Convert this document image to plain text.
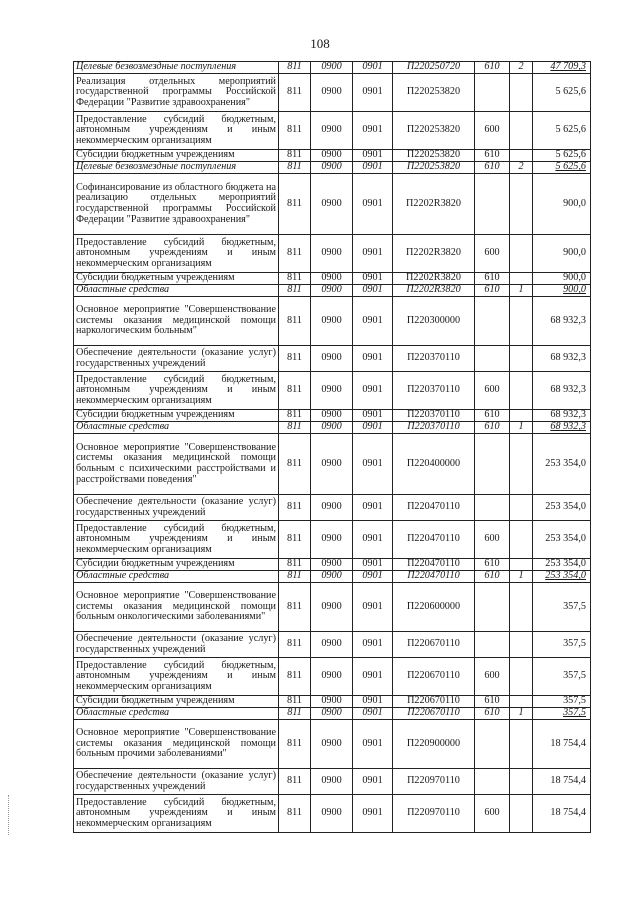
108
Целевые безвозмездные поступления	811	0900	0901	П220250720	610	2	47 709,3
Реализация отдельных мероприятий государственной программы Российской Федерации "Развитие здравоохранения"	811	0900	0901	П220253820			5 625,6
Предоставление субсидий бюджетным, автономным учреждениям и иным некоммерческим организациям	811	0900	0901	П220253820	600		5 625,6
Субсидии бюджетным учреждениям	811	0900	0901	П220253820	610		5 625,6
Целевые безвозмездные поступления	811	0900	0901	П220253820	610	2	5 625,6
Софинансирование из областного бюджета на реализацию отдельных мероприятий государственной программы Российской Федерации "Развитие здравоохранения"	811	0900	0901	П2202R3820			900,0
Предоставление субсидий бюджетным, автономным учреждениям и иным некоммерческим организациям	811	0900	0901	П2202R3820	600		900,0
Субсидии бюджетным учреждениям	811	0900	0901	П2202R3820	610		900,0
Областные средства	811	0900	0901	П2202R3820	610	1	900,0
Основное мероприятие "Совершенствование системы оказания медицинской помощи наркологическим больным"	811	0900	0901	П220300000			68 932,3
Обеспечение деятельности (оказание услуг) государственных учреждений	811	0900	0901	П220370110			68 932,3
Предоставление субсидий бюджетным, автономным учреждениям и иным некоммерческим организациям	811	0900	0901	П220370110	600		68 932,3
Субсидии бюджетным учреждениям	811	0900	0901	П220370110	610		68 932,3
Областные средства	811	0900	0901	П220370110	610	1	68 932,3
Основное мероприятие "Совершенствование системы оказания медицинской помощи больным с психическими расстройствами и расстройствами поведения"	811	0900	0901	П220400000			253 354,0
Обеспечение деятельности (оказание услуг) государственных учреждений	811	0900	0901	П220470110			253 354,0
Предоставление субсидий бюджетным, автономным учреждениям и иным некоммерческим организациям	811	0900	0901	П220470110	600		253 354,0
Субсидии бюджетным учреждениям	811	0900	0901	П220470110	610		253 354,0
Областные средства	811	0900	0901	П220470110	610	1	253 354,0
Основное мероприятие "Совершенствование системы оказания медицинской помощи больным онкологическими заболеваниями"	811	0900	0901	П220600000			357,5
Обеспечение деятельности (оказание услуг) государственных учреждений	811	0900	0901	П220670110			357,5
Предоставление субсидий бюджетным, автономным учреждениям и иным некоммерческим организациям	811	0900	0901	П220670110	600		357,5
Субсидии бюджетным учреждениям	811	0900	0901	П220670110	610		357,5
Областные средства	811	0900	0901	П220670110	610	1	357,5
Основное мероприятие "Совершенствование системы оказания медицинской помощи больным прочими заболеваниями"	811	0900	0901	П220900000			18 754,4
Обеспечение деятельности (оказание услуг) государственных учреждений	811	0900	0901	П220970110			18 754,4
Предоставление субсидий бюджетным, автономным учреждениям и иным некоммерческим организациям	811	0900	0901	П220970110	600		18 754,4
